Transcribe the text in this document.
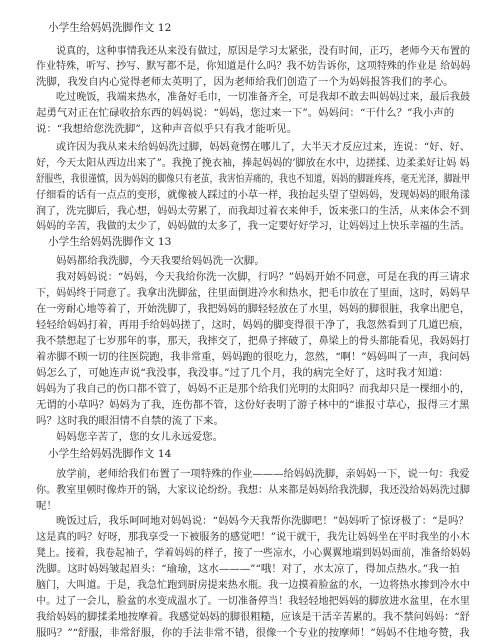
小学生给妈妈洗脚作文 12
说真的，这种事情我还从来没有做过，原因是学习太紧张，没有时间，正巧，老师今天布置的
作业特殊，听写、抄写、默写都不是，你知道是什么吗？我不妨告诉你，这项特殊的作业是 给妈妈
洗脚，我发自内心觉得老师太英明了，因为老师给我们创造了一个为妈妈报答我们的孝心。
吃过晚饭，我端来热水，准备好毛巾，一切准备齐全，可是我却不敢去叫妈妈过来，最后我鼓
起勇气对正在忙碌收拾东西的妈妈说：“妈妈，您过来一下”。妈妈问：“干什么？”我小声的
说：“我想给您洗洗脚”，这种声音似乎只有我才能听见。
或许因为我从来未给妈妈洗过脚，妈妈竟愣在哪儿了，大半天才反应过来，连说：“好、好、
好，今天太阳从西边出来了”。我挽了挽衣袖，捧起妈妈的’脚放在水中，边搓揉、边柔柔好让妈 妈
舒服些，我很谨慎，因为妈妈的脚像只有老茧，我害怕弄痛的，我也不知道，妈妈的脚趾疼疼，毫无光泽，脚趾甲
仔细看的话有一点点的变形，就像被人踩过的小草一样，我抬起头望了望妈妈，发现妈妈的眼角漾
润了，洗完脚后，我心想，妈妈太劳累了，而我却过着衣来伸手，饭来张口的生活，从来体会不到
妈妈的辛苦，我做的太少了，妈妈做的太多了，我一定要好好学习，让妈妈过上快乐幸福的生活。
小学生给妈妈洗脚作文 13
妈妈都给我洗脚，今天我要给妈妈洗一次脚。
我对妈妈说：“妈妈，今天我给你洗一次脚，行吗？”妈妈开始不同意，可是在我的再三请求
下，妈妈终于同意了。我拿出洗脚盆，往里面倒进冷水和热水，把毛巾放在了里面，这时，妈妈早
在一旁耐心地等着了，开始洗脚了，我把妈妈的脚轻轻放在了水里，妈妈的脚很脏，我拿出肥皂，
轻轻给妈妈打着，再用手给妈妈搓了，这时，妈妈的脚变得很干净了，我忽然看到了几道巴痕，
我不禁想起了七岁那年的事，那天，我摔交了，把鼻子摔破了，鼻梁上的骨头都能看见，我妈妈打
着赤脚不顾一切的往医院跑，我非常重，妈妈跑的很吃力，忽然，“啊！”妈妈叫了一声，我问妈
妈怎么了，可她连声说“我没事，我没事。”过了几个月，我的病完全好了，这时我才知道：
妈妈为了我自己的伤口都不管了，妈妈不正是那个给我们光明的太阳吗？而我却只是一棵细小的，
无谓的小草吗？妈妈为了我，连伤都不管，这份好表明了游子林中的“谁报寸草心，报得三才黑
吗？这时我的眼泪情不自禁的流了下来。
妈妈您辛苦了，您的女儿永远爱您。
小学生给妈妈洗脚作文 14
放学前，老师给我们布置了一项特殊的作业———给妈妈洗脚，亲妈妈一下，说一句：我爱
你。教室里顿时像炸开的锅，大家议论纷纷。我想：从来都是妈妈给我洗脚，我还没给妈妈洗过脚
呢！
晚饭过后，我乐呵呵地对妈妈说：“妈妈今天我帮你洗脚吧！”妈妈听了惊讶极了：“是吗？
这是真的吗？好呀，那我享受一下被服务的感觉吧！”说干就干，我先让妈妈坐在平时我坐的小木
凳上。接着，我卷起袖子，学着妈妈的样子，接了一些凉水，小心翼翼地端到妈妈面前，准备给妈妈
洗脚。这时妈妈皱起眉头：“瑜瑜，这水———”“哦！对了，水太凉了，得加点热水。”我一拍
脑门，大叫道。于是，我急忙跑到厨房提来热水瓶。我一边摸着脸盆的水，一边将热水掺到冷水中
中。过了一会儿，脸盆的水变成温水了。一切准备停当！我轻轻地把妈妈的脚放进水盆里，在水里
我给妈妈的脚揉柔地按摩着。我感觉妈妈的脚很粗糙，应该是干活辛苦累的。我不禁问妈妈：“舒
服吗？”“舒服，非常舒服，你的手法非常不错，很像一个专业的按摩师！”妈妈不住地夸赞，我
